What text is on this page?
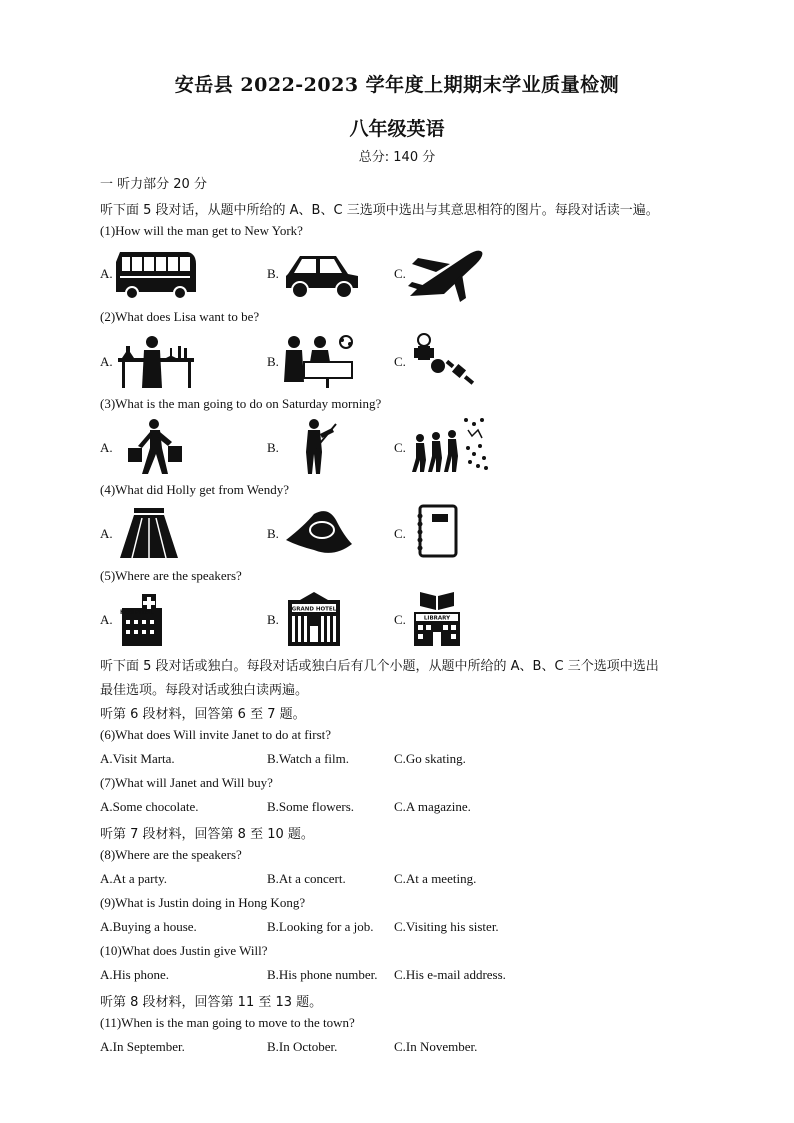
安岳县 2022-2023 学年度上期期末学业质量检测
八年级英语
总分: 140 分
一 听力部分 20 分
听下面 5 段对话，从题中所给的 A、B、C 三选项中选出与其意思相符的图片。每段对话读一遍。
(1)How will the man get to New York?
A.	B.	C.
(2)What does Lisa want to be?
A.	B.	C.
(3)What is the man going to do on Saturday morning?
A.	B.	C.
(4)What did Holly get from Wendy?
A.	B.	C.
(5)Where are the speakers?
A. HOSPITAL	B.
GRAND HOTEL
C.	LIBRARY
听下面 5 段对话或独白。每段对话或独白后有几个小题，从题中所给的 A、B、C 三个选项中选出
最佳选项。每段对话或独白读两遍。
听第 6 段材料，回答第 6 至 7 题。
(6)What does Will invite Janet to do at first?
A.Visit Marta.	B.Watch a film.	C.Go skating.
(7)What will Janet and Will buy?
A.Some chocolate.	B.Some flowers.	C.A magazine.
听第 7 段材料，回答第 8 至 10 题。
(8)Where are the speakers?
A.At a party.	B.At a concert.	C.At a meeting.
(9)What is Justin doing in Hong Kong?
A.Buying a house.	B.Looking for a job. C.Visiting his sister.
(10)What does Justin give Will?
A.His phone.	B.His phone number. C.His e-mail address.
听第 8 段材料，回答第 11 至 13 题。
(11)When is the man going to move to the town?
A.In September.	B.In October.	C.In November.
